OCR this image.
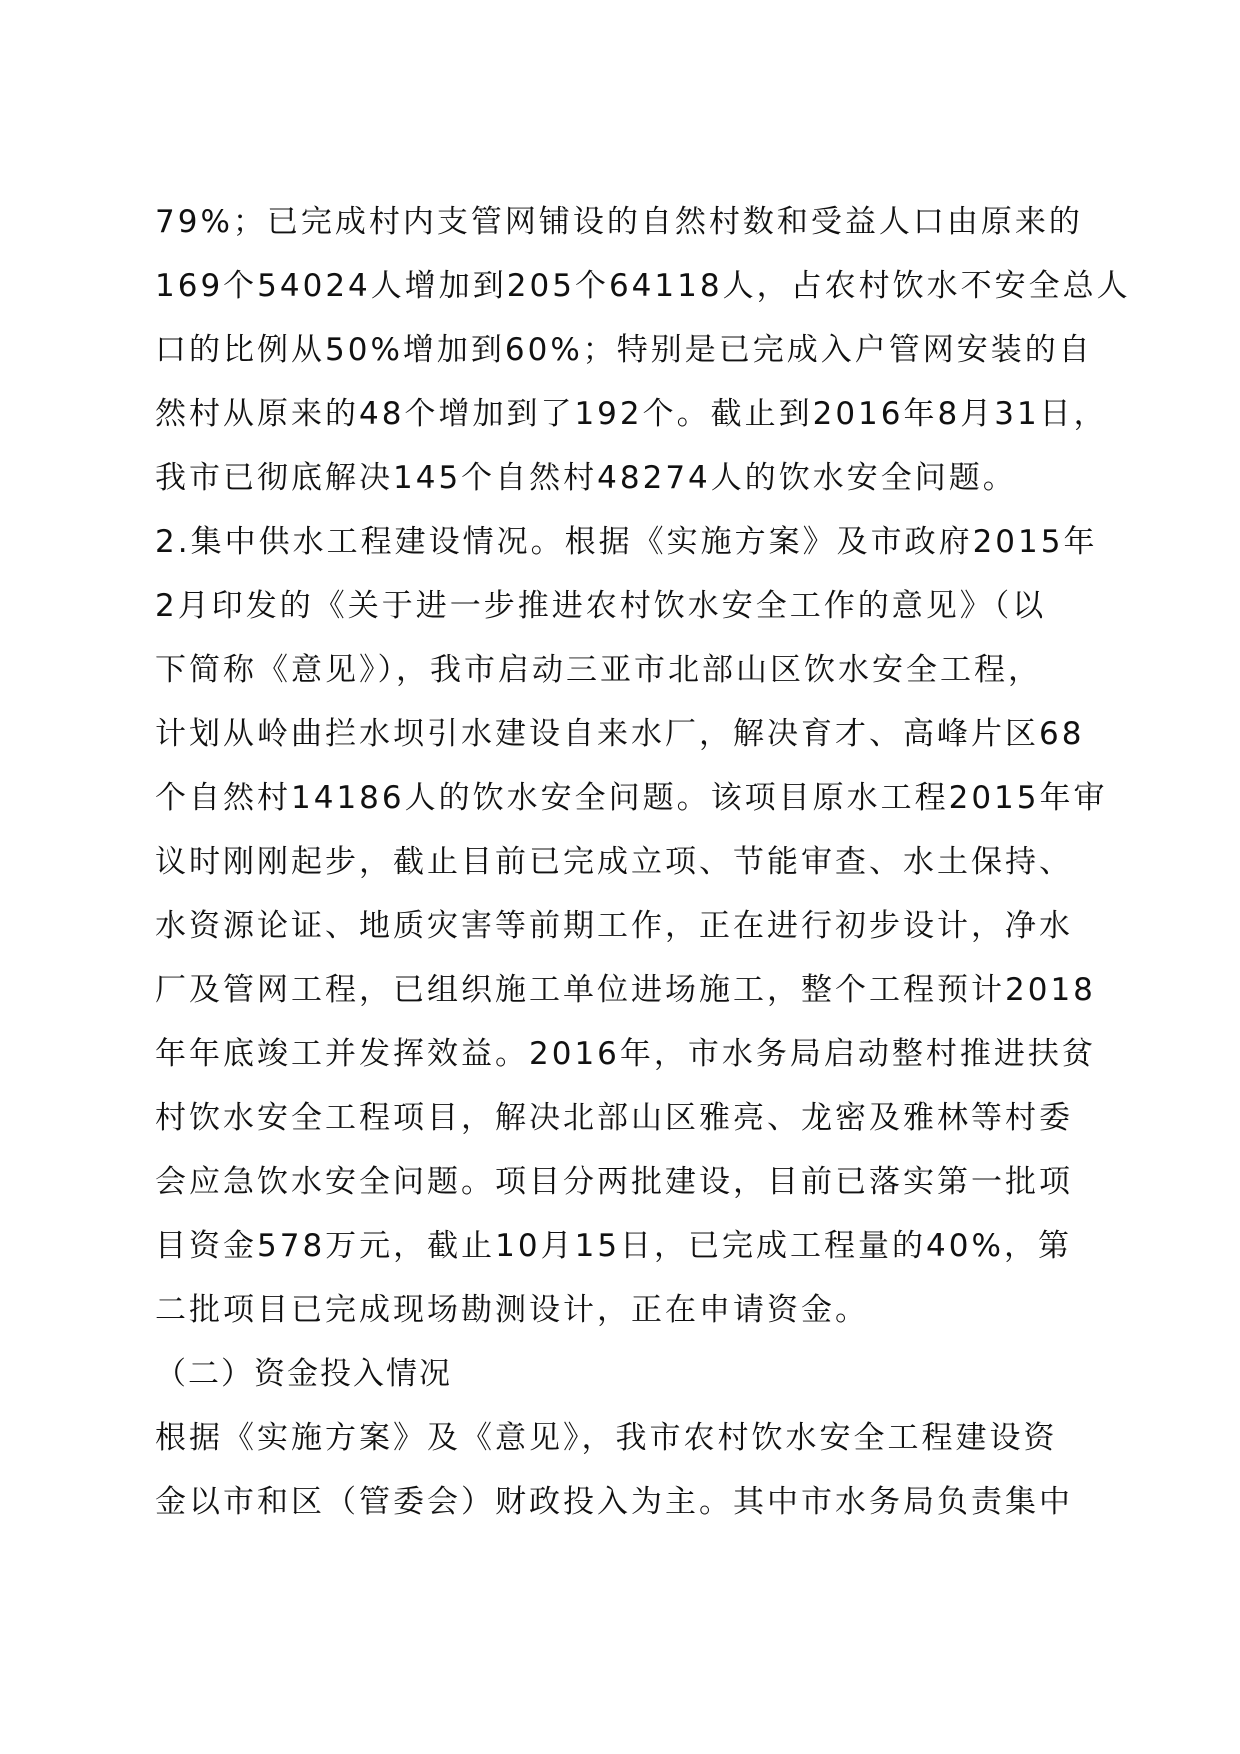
79%；已完成村内支管网铺设的自然村数和受益人口由原来的
169个54024人增加到205个64118人，占农村饮水不安全总人
口的比例从50%增加到60%；特别是已完成入户管网安装的自
然村从原来的48个增加到了192个。截止到2016年8月31日，
我市已彻底解决145个自然村48274人的饮水安全问题。
2.集中供水工程建设情况。根据《实施方案》及市政府2015年
2月印发的《关于进一步推进农村饮水安全工作的意见》（以
下简称《意见》），我市启动三亚市北部山区饮水安全工程，
计划从岭曲拦水坝引水建设自来水厂，解决育才、高峰片区68
个自然村14186人的饮水安全问题。该项目原水工程2015年审
议时刚刚起步，截止目前已完成立项、节能审查、水土保持、
水资源论证、地质灾害等前期工作，正在进行初步设计，净水
厂及管网工程，已组织施工单位进场施工，整个工程预计2018
年年底竣工并发挥效益。2016年，市水务局启动整村推进扶贫
村饮水安全工程项目，解决北部山区雅亮、龙密及雅林等村委
会应急饮水安全问题。项目分两批建设，目前已落实第一批项
目资金578万元，截止10月15日，已完成工程量的40%，第
二批项目已完成现场勘测设计，正在申请资金。
（二）资金投入情况
根据《实施方案》及《意见》，我市农村饮水安全工程建设资
金以市和区（管委会）财政投入为主。其中市水务局负责集中
